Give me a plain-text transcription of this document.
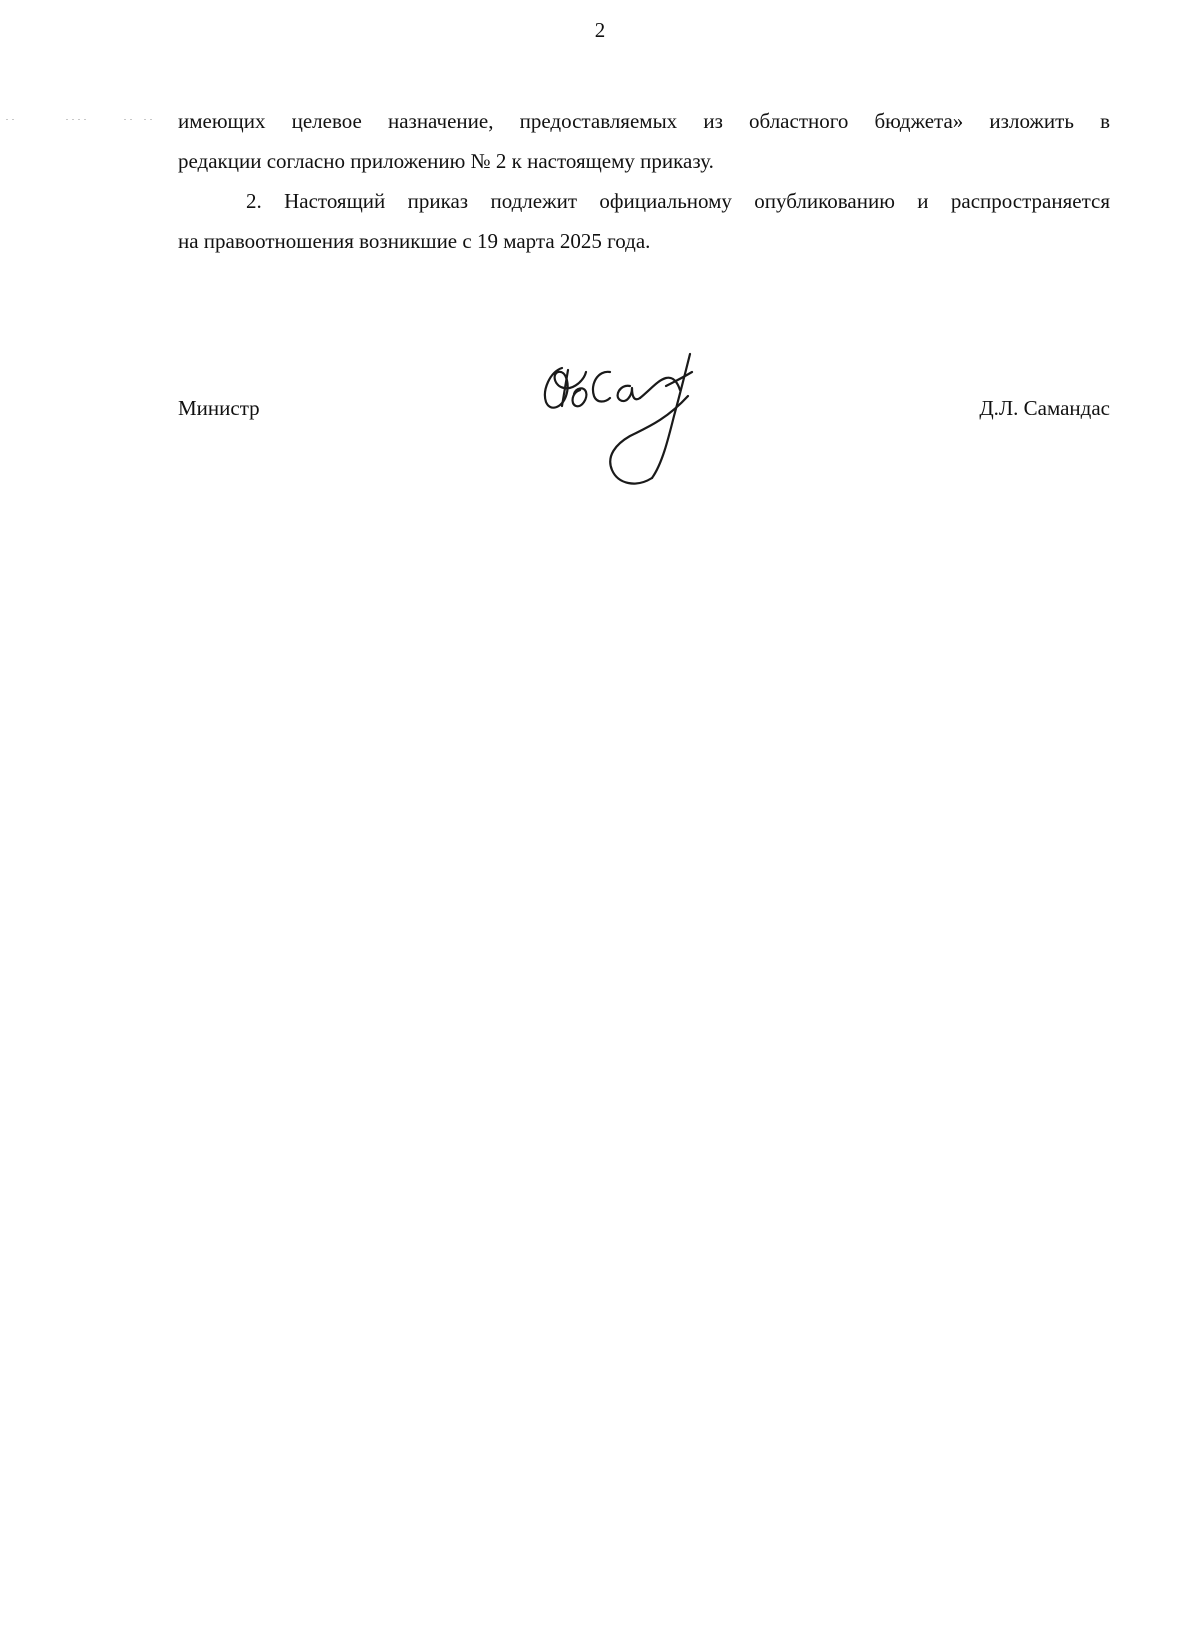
2

имеющих целевое назначение, предоставляемых из областного бюджета» изложить в
редакции согласно приложению № 2 к настоящему приказу.

2. Настоящий приказ подлежит официальному опубликованию и распространяется
на правоотношения возникшие с 19 марта 2025 года.

Министр	Д.Л. Самандас
